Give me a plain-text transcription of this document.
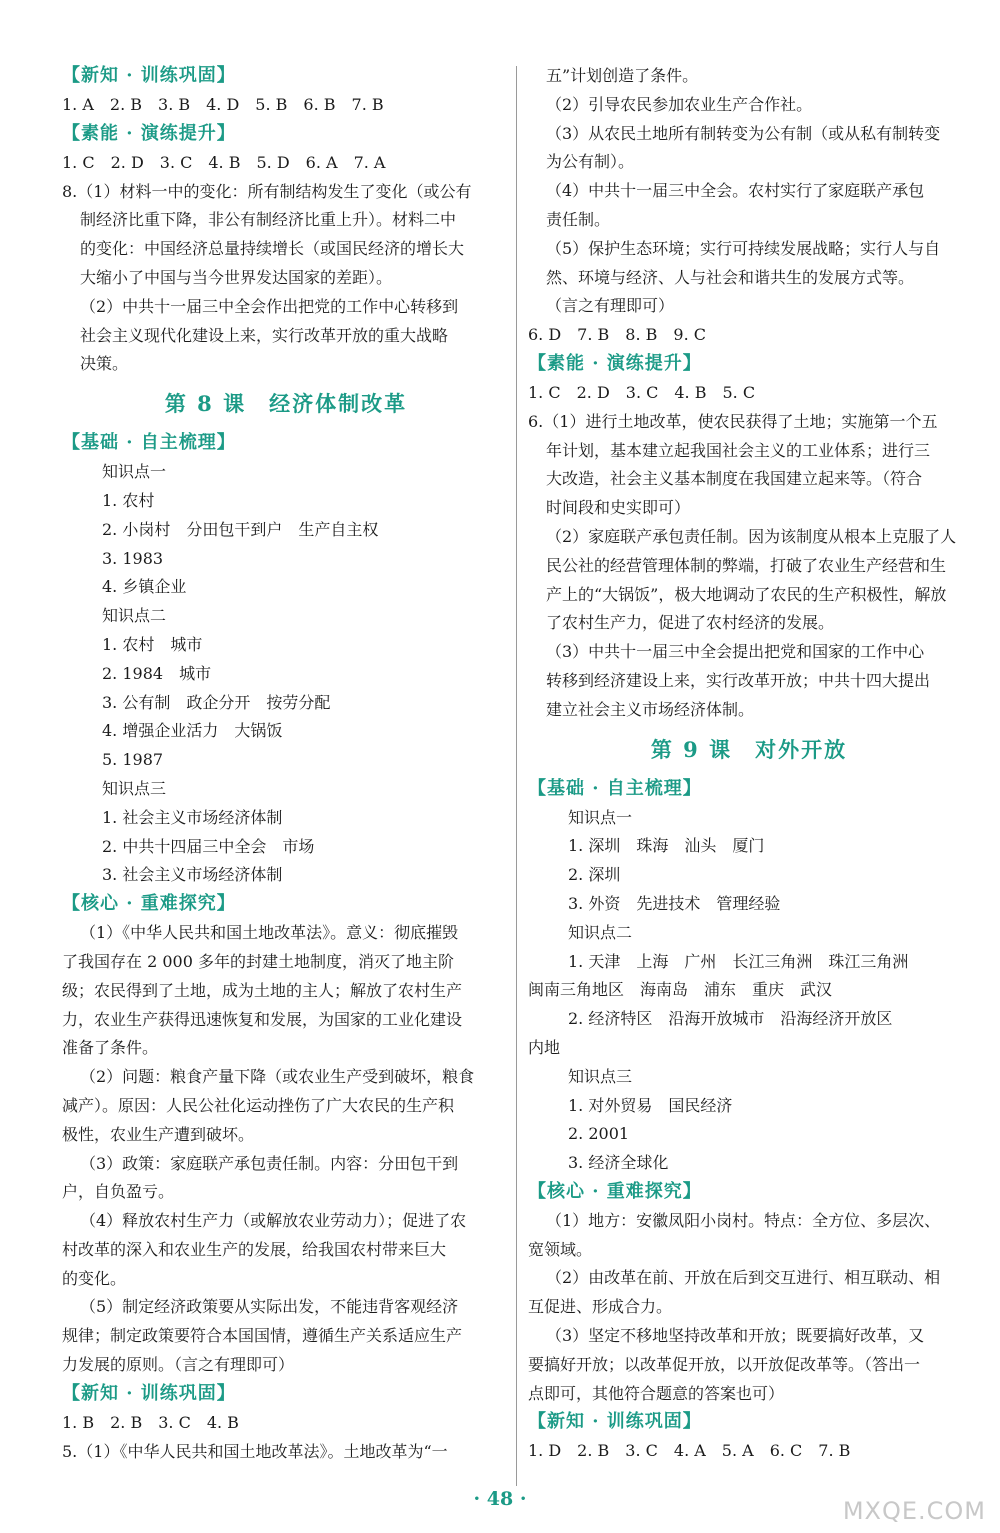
【新知 · 训练巩固】
1. A　2. B　3. B　4. D　5. B　6. B　7. B
【素能 · 演练提升】
1. C　2. D　3. C　4. B　5. D　6. A　7. A
8.（1）材料一中的变化：所有制结构发生了变化（或公有
制经济比重下降，非公有制经济比重上升）。材料二中
的变化：中国经济总量持续增长（或国民经济的增长大
大缩小了中国与当今世界发达国家的差距）。
（2）中共十一届三中全会作出把党的工作中心转移到
社会主义现代化建设上来，实行改革开放的重大战略
决策。
第 8 课　经济体制改革
【基础 · 自主梳理】
知识点一
1. 农村
2. 小岗村　分田包干到户　生产自主权
3. 1983
4. 乡镇企业
知识点二
1. 农村　城市
2. 1984　城市
3. 公有制　政企分开　按劳分配
4. 增强企业活力　大锅饭
5. 1987
知识点三
1. 社会主义市场经济体制
2. 中共十四届三中全会　市场
3. 社会主义市场经济体制
【核心 · 重难探究】
（1）《中华人民共和国土地改革法》。意义：彻底摧毁
了我国存在 2 000 多年的封建土地制度，消灭了地主阶
级；农民得到了土地，成为土地的主人；解放了农村生产
力，农业生产获得迅速恢复和发展，为国家的工业化建设
准备了条件。
（2）问题：粮食产量下降（或农业生产受到破坏，粮食
减产）。原因：人民公社化运动挫伤了广大农民的生产积
极性，农业生产遭到破坏。
（3）政策：家庭联产承包责任制。内容：分田包干到
户，自负盈亏。
（4）释放农村生产力（或解放农业劳动力）；促进了农
村改革的深入和农业生产的发展，给我国农村带来巨大
的变化。
（5）制定经济政策要从实际出发，不能违背客观经济
规律；制定政策要符合本国国情，遵循生产关系适应生产
力发展的原则。（言之有理即可）
【新知 · 训练巩固】
1. B　2. B　3. C　4. B
5.（1）《中华人民共和国土地改革法》。土地改革为“一
五”计划创造了条件。
（2）引导农民参加农业生产合作社。
（3）从农民土地所有制转变为公有制（或从私有制转变
为公有制）。
（4）中共十一届三中全会。农村实行了家庭联产承包
责任制。
（5）保护生态环境；实行可持续发展战略；实行人与自
然、环境与经济、人与社会和谐共生的发展方式等。
（言之有理即可）
6. D　7. B　8. B　9. C
【素能 · 演练提升】
1. C　2. D　3. C　4. B　5. C
6.（1）进行土地改革，使农民获得了土地；实施第一个五
年计划，基本建立起我国社会主义的工业体系；进行三
大改造，社会主义基本制度在我国建立起来等。（符合
时间段和史实即可）
（2）家庭联产承包责任制。因为该制度从根本上克服了人
民公社的经营管理体制的弊端，打破了农业生产经营和生
产上的“大锅饭”，极大地调动了农民的生产积极性，解放
了农村生产力，促进了农村经济的发展。
（3）中共十一届三中全会提出把党和国家的工作中心
转移到经济建设上来，实行改革开放；中共十四大提出
建立社会主义市场经济体制。
第 9 课　对外开放
【基础 · 自主梳理】
知识点一
1. 深圳　珠海　汕头　厦门
2. 深圳
3. 外资　先进技术　管理经验
知识点二
1. 天津　上海　广州　长江三角洲　珠江三角洲
闽南三角地区　海南岛　浦东　重庆　武汉
2. 经济特区　沿海开放城市　沿海经济开放区
内地
知识点三
1. 对外贸易　国民经济
2. 2001
3. 经济全球化
【核心 · 重难探究】
（1）地方：安徽凤阳小岗村。特点：全方位、多层次、
宽领域。
（2）由改革在前、开放在后到交互进行、相互联动、相
互促进、形成合力。
（3）坚定不移地坚持改革和开放；既要搞好改革，又
要搞好开放；以改革促开放，以开放促改革等。（答出一
点即可，其他符合题意的答案也可）
【新知 · 训练巩固】
1. D　2. B　3. C　4. A　5. A　6. C　7. B
· 48 ·	MXQE.COM
